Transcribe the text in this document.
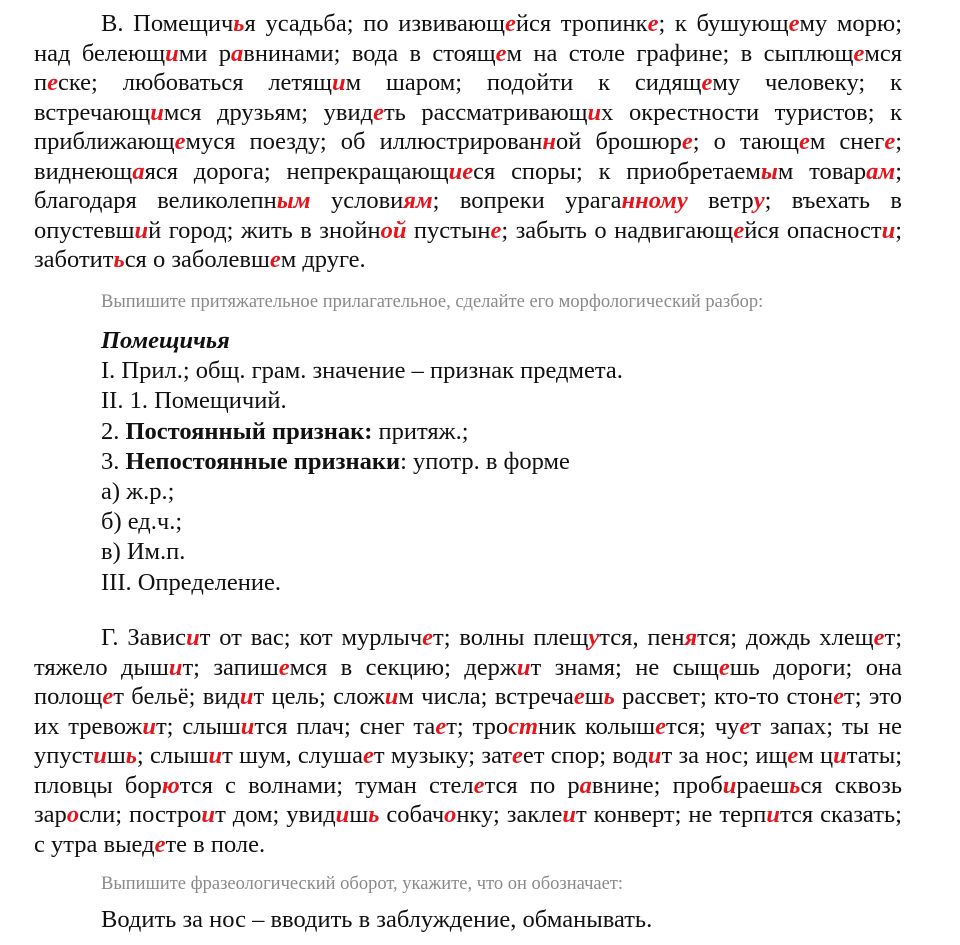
В. Помещичья усадьба; по извивающейся тропинке; к бушующему морю; над белеющими равнинами; вода в стоящем на столе графине; в сыплющемся песке; любоваться летящим шаром; подойти к сидящему человеку; к встречающимся друзьям; увидеть рассматривающих окрестности туристов; к приближающемуся поезду; об иллюстрированной брошюре; о тающем снеге; виднеющаяся дорога; непрекращающиеся споры; к приобретаемым товарам; благодаря великолепным условиям; вопреки ураганному ветру; въехать в опустевший город; жить в знойной пустыне; забыть о надвигающейся опасности; заботиться о заболевшем друге.

Выпишите притяжательное прилагательное, сделайте его морфологический разбор:

Помещичья
I. Прил.; общ. грам. значение – признак предмета.
II. 1. Помещичий.
2. Постоянный признак: притяж.;
3. Непостоянные признаки: употр. в форме
а) ж.р.;
б) ед.ч.;
в) Им.п.
III. Определение.

Г. Зависит от вас; кот мурлычет; волны плещутся, пенятся; дождь хлещет; тяжело дышит; запишемся в секцию; держит знамя; не сыщешь дороги; она полощет бельё; видит цель; сложим числа; встречаешь рассвет; кто-то стонет; это их тревожит; слышится плач; снег тает; тростник колышется; чует запах; ты не упустишь; слышит шум, слушает музыку; затеет спор; водит за нос; ищем цитаты; пловцы борются с волнами; туман стелется по равнине; пробираешься сквозь заросли; построит дом; увидишь собачонку; заклеит конверт; не терпится сказать; с утра выедете в поле.

Выпишите фразеологический оборот, укажите, что он обозначает:

Водить за нос – вводить в заблуждение, обманывать.
